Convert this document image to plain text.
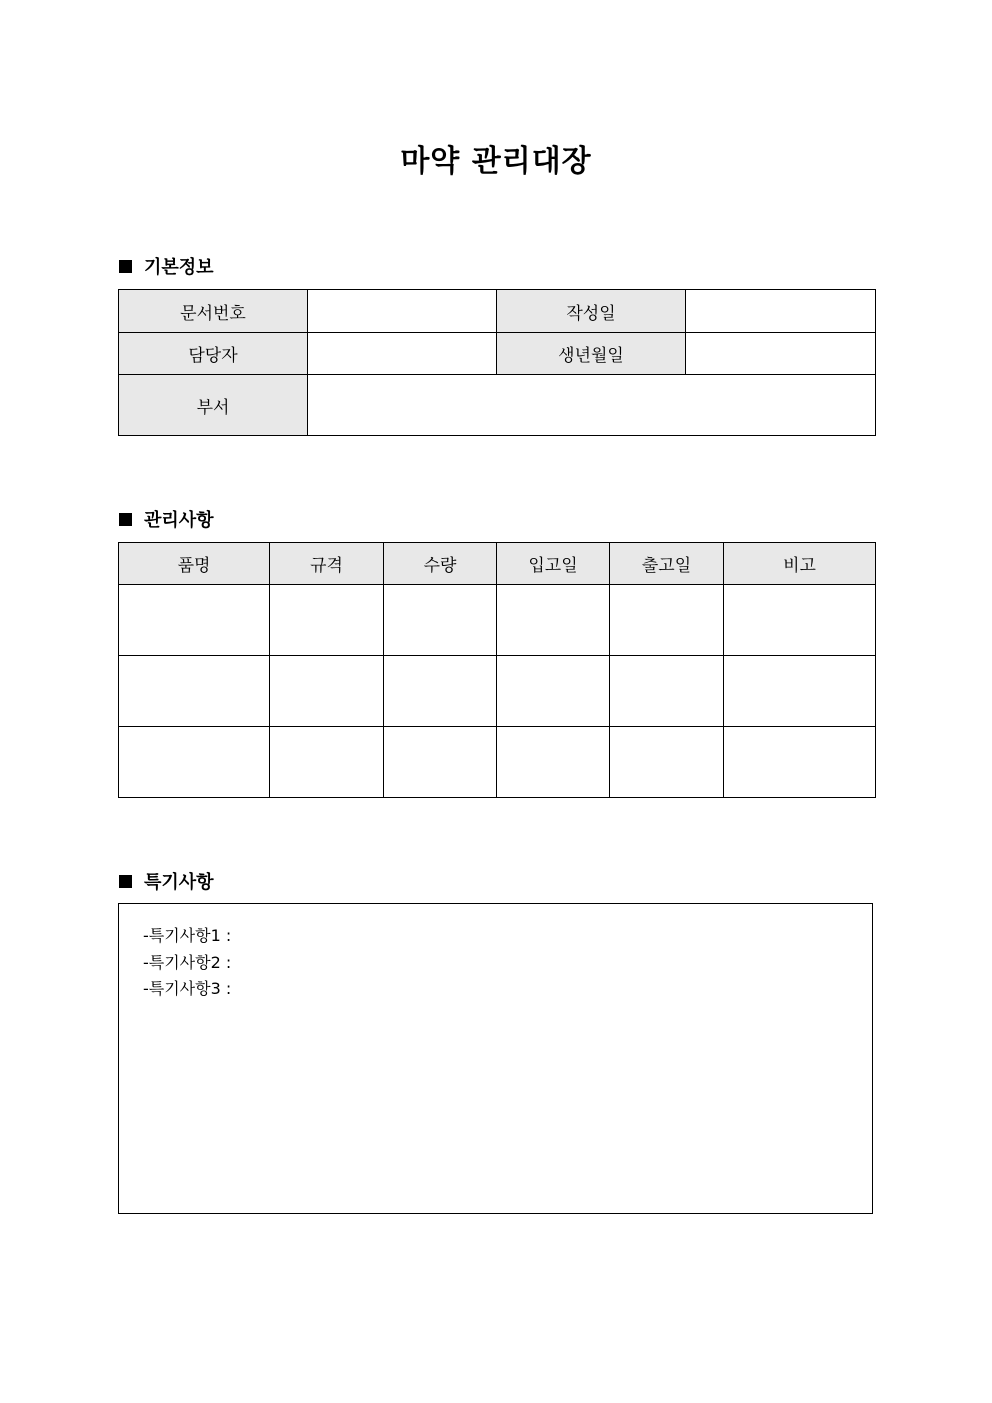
마약 관리대장
기본정보
문서번호		작성일	
담당자		생년월일	
부서			
관리사항
품명	규격	수량	입고일	출고일	비고

특기사항
-특기사항1 :
-특기사항2 :
-특기사항3 :
